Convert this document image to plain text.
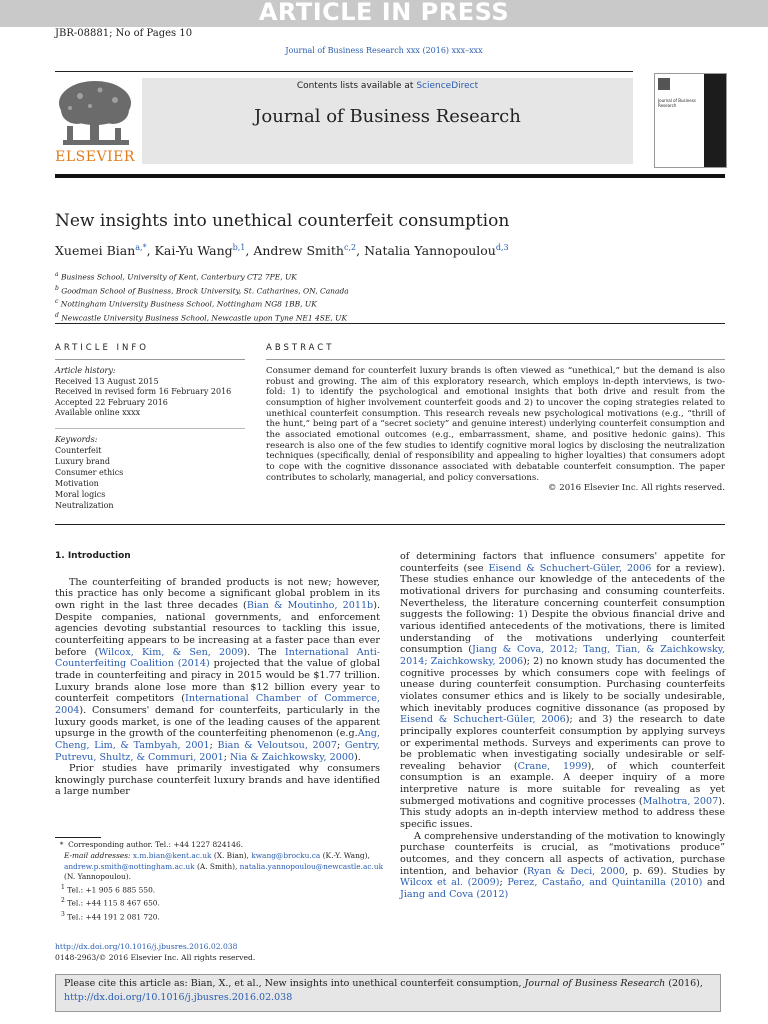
ARTICLE IN PRESS
JBR-08881; No of Pages 10
Journal of Business Research xxx (2016) xxx–xxx
ELSEVIER
Contents lists available at ScienceDirect
Journal of Business Research
Journal of Business Research
New insights into unethical counterfeit consumption
Xuemei Bian$^{a,*}$, Kai-Yu Wang$^{b,1}$, Andrew Smith$^{c,2}$, Natalia Yannopoulou$^{d,3}$
$^a$ Business School, University of Kent, Canterbury CT2 7PE, UK
$^b$ Goodman School of Business, Brock University, St. Catharines, ON, Canada
$^c$ Nottingham University Business School, Nottingham NG8 1BB, UK
$^d$ Newcastle University Business School, Newcastle upon Tyne NE1 4SE, UK
ARTICLE INFO	ABSTRACT
Article history:
Received 13 August 2015
Received in revised form 16 February 2016
Accepted 22 February 2016
Available online xxxx
Keywords:
Counterfeit
Luxury brand
Consumer ethics
Motivation
Moral logics
Neutralization
Consumer demand for counterfeit luxury brands is often viewed as “unethical,” but the demand is also robust and growing. The aim of this exploratory research, which employs in-depth interviews, is two-fold: 1) to identify the psychological and emotional insights that both drive and result from the consumption of higher involvement counterfeit goods and 2) to uncover the coping strategies related to unethical counterfeit consumption. This research reveals new psychological motivations (e.g., “thrill of the hunt,” being part of a “secret society” and genuine interest) underlying counterfeit consumption and the associated emotional outcomes (e.g., embarrassment, shame, and positive hedonic gains). This research is also one of the few studies to identify cognitive moral logics by disclosing the neutralization techniques (specifically, denial of responsibility and appealing to higher loyalties) that consumers adopt to cope with the cognitive dissonance associated with debatable counterfeit consumption. The paper contributes to scholarly, managerial, and policy conversations.
© 2016 Elsevier Inc. All rights reserved.
1. Introduction

The counterfeiting of branded products is not new; however, this practice has only become a significant global problem in its own right in the last three decades (Bian & Moutinho, 2011b). Despite companies, national governments, and enforcement agencies devoting substantial resources to tackling this issue, counterfeiting appears to be increasing at a faster pace than ever before (Wilcox, Kim, & Sen, 2009). The International Anti-Counterfeiting Coalition (2014) projected that the value of global trade in counterfeiting and piracy in 2015 would be $1.77 trillion. Luxury brands alone lose more than $12 billion every year to counterfeit competitors (International Chamber of Commerce, 2004). Consumers' demand for counterfeits, particularly in the luxury goods market, is one of the leading causes of the apparent upsurge in the growth of the counterfeiting phenomenon (e.g.Ang, Cheng, Lim, & Tambyah, 2001; Bian & Veloutsou, 2007; Gentry, Putrevu, Shultz, & Commuri, 2001; Nia & Zaichkowsky, 2000).

Prior studies have primarily investigated why consumers knowingly purchase counterfeit luxury brands and have identified a large number

of determining factors that influence consumers' appetite for counterfeits (see Eisend & Schuchert-Güler, 2006 for a review). These studies enhance our knowledge of the antecedents of the motivational drivers for purchasing and consuming counterfeits. Nevertheless, the literature concerning counterfeit consumption suggests the following: 1) Despite the obvious financial drive and various identified antecedents of the motivations, there is limited understanding of the motivations underlying counterfeit consumption (Jiang & Cova, 2012; Tang, Tian, & Zaichkowsky, 2014; Zaichkowsky, 2006); 2) no known study has documented the cognitive processes by which consumers cope with feelings of unease during counterfeit consumption. Purchasing counterfeits violates consumer ethics and is likely to be socially undesirable, which inevitably produces cognitive dissonance (as proposed by Eisend & Schuchert-Güler, 2006); and 3) the research to date principally explores counterfeit consumption by applying surveys or experimental methods. Surveys and experiments can prove to be problematic when investigating socially undesirable or self-revealing behavior (Crane, 1999), of which counterfeit consumption is an example. A deeper inquiry of a more interpretive nature is more suitable for revealing as yet submerged motivations and cognitive processes (Malhotra, 2007). This study adopts an in-depth interview method to address these specific issues.

A comprehensive understanding of the motivation to knowingly purchase counterfeits is crucial, as “motivations produce” outcomes, and they concern all aspects of activation, purchase intention, and behavior (Ryan & Deci, 2000, p. 69). Studies by Wilcox et al. (2009); Perez, Castaño, and Quintanilla (2010) and Jiang and Cova (2012)

*  Corresponding author. Tel.: +44 1227 824146.
E-mail addresses: x.m.bian@kent.ac.uk (X. Bian), kwang@brocku.ca (K.-Y. Wang), andrew.p.smith@nottingham.ac.uk (A. Smith), natalia.yannopoulou@newcastle.ac.uk (N. Yannopoulou).
$^1$ Tel.: +1 905 6 885 550.
$^2$ Tel.: +44 115 8 467 650.
$^3$ Tel.: +44 191 2 081 720.
http://dx.doi.org/10.1016/j.jbusres.2016.02.038
0148-2963/© 2016 Elsevier Inc. All rights reserved.
Please cite this article as: Bian, X., et al., New insights into unethical counterfeit consumption, Journal of Business Research (2016), http://dx.doi.org/10.1016/j.jbusres.2016.02.038
